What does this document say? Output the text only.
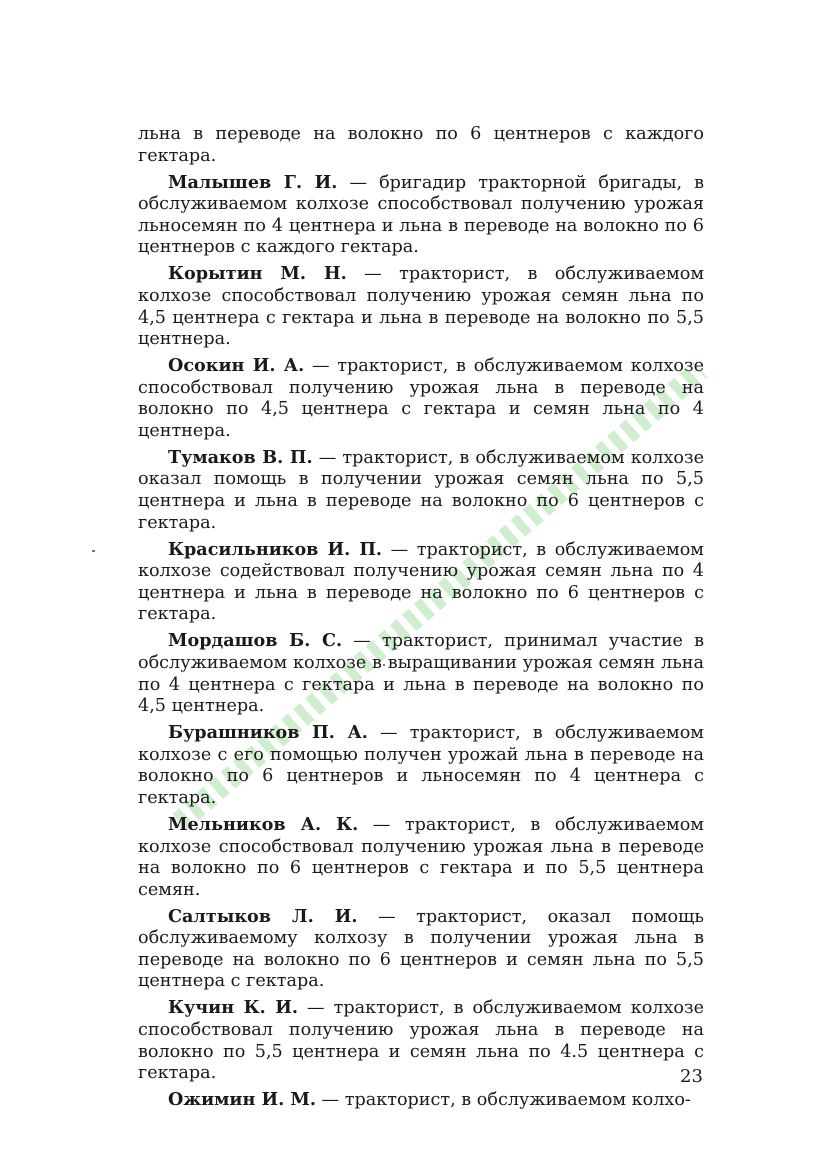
льна в переводе на волокно по 6 центнеров с каждого гектара.

Малышев Г. И. — бригадир тракторной бригады, в обслуживаемом колхозе способствовал получению урожая льносемян по 4 центнера и льна в переводе на волокно по 6 центнеров с каждого гектара.

Корытин М. Н. — тракторист, в обслуживаемом колхозе способствовал получению урожая семян льна по 4,5 центнера с гектара и льна в переводе на волокно по 5,5 центнера.

Осокин И. А. — тракторист, в обслуживаемом колхозе способствовал получению урожая льна в переводе на волокно по 4,5 центнера с гектара и семян льна по 4 центнера.

Тумаков В. П. — тракторист, в обслуживаемом колхозе оказал помощь в получении урожая семян льна по 5,5 центнера и льна в переводе на волокно по 6 центнеров с гектара.

Красильников И. П. — тракторист, в обслуживаемом колхозе содействовал получению урожая семян льна по 4 центнера и льна в переводе на волокно по 6 центнеров с гектара.

Мордашов Б. С. — тракторист, принимал участие в обслуживаемом колхозе в выращивании урожая семян льна по 4 центнера с гектара и льна в переводе на волокно по 4,5 центнера.

Бурашников П. А. — тракторист, в обслуживаемом колхозе с его помощью получен урожай льна в переводе на волокно по 6 центнеров и льносемян по 4 центнера с гектара.

Мельников А. К. — тракторист, в обслуживаемом колхозе способствовал получению урожая льна в переводе на волокно по 6 центнеров с гектара и по 5,5 центнера семян.

Салтыков Л. И. — тракторист, оказал помощь обслуживаемому колхозу в получении урожая льна в переводе на волокно по 6 центнеров и семян льна по 5,5 центнера с гектара.

Кучин К. И. — тракторист, в обслуживаемом колхозе способствовал получению урожая льна в переводе на волокно по 5,5 центнера и семян льна по 4.5 центнера с гектара.

Ожимин И. М. — тракторист, в обслуживаемом колхо-

23
